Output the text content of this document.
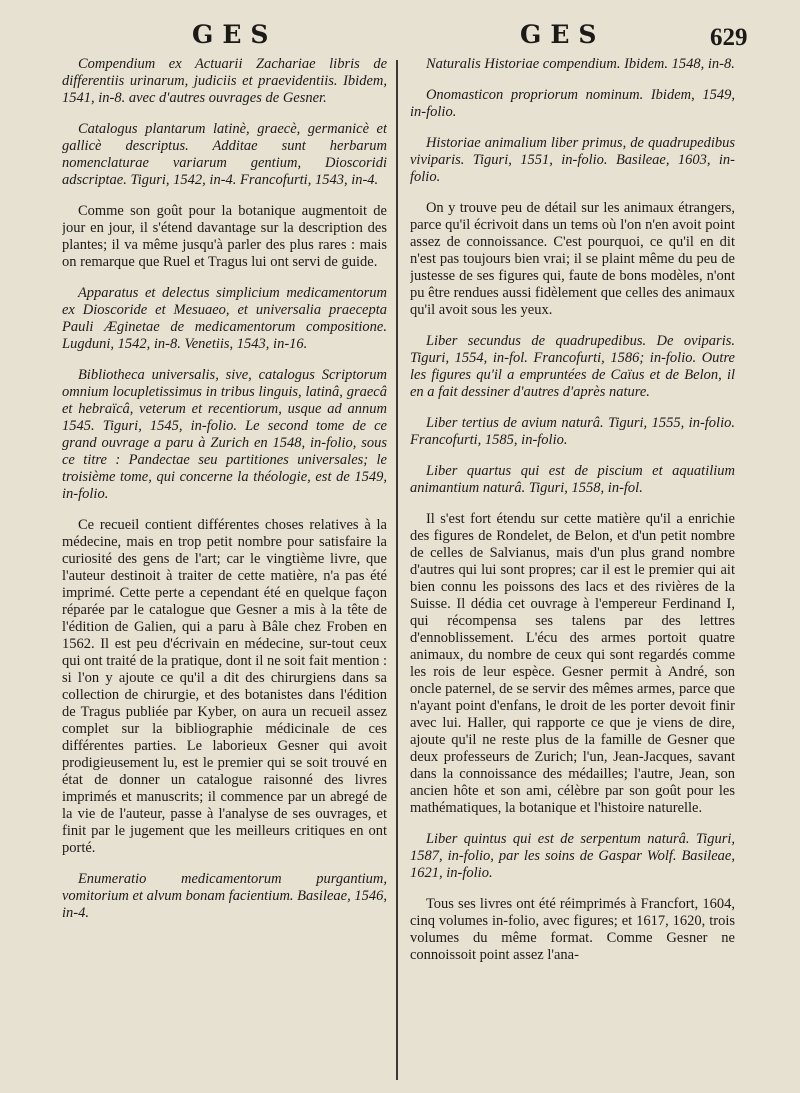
GES	GES	629

Compendium ex Actuarii Zachariae libris de differentiis urinarum, judiciis et praevidentiis. Ibidem, 1541, in-8. avec d'autres ouvrages de Gesner.

Catalogus plantarum latinè, graecè, germanicè et gallicè descriptus. Additae sunt herbarum nomenclaturae variarum gentium, Dioscoridi adscriptae. Tiguri, 1542, in-4. Francofurti, 1543, in-4.

Comme son goût pour la botanique augmentoit de jour en jour, il s'étend davantage sur la description des plantes; il va même jusqu'à parler des plus rares : mais on remarque que Ruel et Tragus lui ont servi de guide.

Apparatus et delectus simplicium medicamentorum ex Dioscoride et Mesuaeo, et universalia praecepta Pauli Æginetae de medicamentorum compositione. Lugduni, 1542, in-8. Venetiis, 1543, in-16.

Bibliotheca universalis, sive, catalogus Scriptorum omnium locupletissimus in tribus linguis, latinâ, graecâ et hebraïcâ, veterum et recentiorum, usque ad annum 1545. Tiguri, 1545, in-folio. Le second tome de ce grand ouvrage a paru à Zurich en 1548, in-folio, sous ce titre : Pandectae seu partitiones universales; le troisième tome, qui concerne la théologie, est de 1549, in-folio.

Ce recueil contient différentes choses relatives à la médecine, mais en trop petit nombre pour satisfaire la curiosité des gens de l'art; car le vingtième livre, que l'auteur destinoit à traiter de cette matière, n'a pas été imprimé. Cette perte a cependant été en quelque façon réparée par le catalogue que Gesner a mis à la tête de l'édition de Galien, qui a paru à Bâle chez Froben en 1562. Il est peu d'écrivain en médecine, sur-tout ceux qui ont traité de la pratique, dont il ne soit fait mention : si l'on y ajoute ce qu'il a dit des chirurgiens dans sa collection de chirurgie, et des botanistes dans l'édition de Tragus publiée par Kyber, on aura un recueil assez complet sur la bibliographie médicinale de ces différentes parties. Le laborieux Gesner qui avoit prodigieusement lu, est le premier qui se soit trouvé en état de donner un catalogue raisonné des livres imprimés et manuscrits; il commence par un abregé de la vie de l'auteur, passe à l'analyse de ses ouvrages, et finit par le jugement que les meilleurs critiques en ont porté.

Enumeratio medicamentorum purgantium, vomitorium et alvum bonam facientium. Basileae, 1546, in-4.

Naturalis Historiae compendium. Ibidem. 1548, in-8.

Onomasticon propriorum nominum. Ibidem, 1549, in-folio.

Historiae animalium liber primus, de quadrupedibus viviparis. Tiguri, 1551, in-folio. Basileae, 1603, in-folio.

On y trouve peu de détail sur les animaux étrangers, parce qu'il écrivoit dans un tems où l'on n'en avoit point assez de connoissance. C'est pourquoi, ce qu'il en dit n'est pas toujours bien vrai; il se plaint même du peu de justesse de ses figures qui, faute de bons modèles, n'ont pu être rendues aussi fidèlement que celles des animaux qu'il avoit sous les yeux.

Liber secundus de quadrupedibus. De oviparis. Tiguri, 1554, in-fol. Francofurti, 1586; in-folio. Outre les figures qu'il a empruntées de Caïus et de Belon, il en a fait dessiner d'autres d'après nature.

Liber tertius de avium naturâ. Tiguri, 1555, in-folio. Francofurti, 1585, in-folio.

Liber quartus qui est de piscium et aquatilium animantium naturâ. Tiguri, 1558, in-fol.

Il s'est fort étendu sur cette matière qu'il a enrichie des figures de Rondelet, de Belon, et d'un petit nombre de celles de Salvianus, mais d'un plus grand nombre d'autres qui lui sont propres; car il est le premier qui ait bien connu les poissons des lacs et des rivières de la Suisse. Il dédia cet ouvrage à l'empereur Ferdinand I, qui récompensa ses talens par des lettres d'ennoblissement. L'écu des armes portoit quatre animaux, du nombre de ceux qui sont regardés comme les rois de leur espèce. Gesner permit à André, son oncle paternel, de se servir des mêmes armes, parce que n'ayant point d'enfans, le droit de les porter devoit finir avec lui. Haller, qui rapporte ce que je viens de dire, ajoute qu'il ne reste plus de la famille de Gesner que deux professeurs de Zurich; l'un, Jean-Jacques, savant dans la connoissance des médailles; l'autre, Jean, son ancien hôte et son ami, célèbre par son goût pour les mathématiques, la botanique et l'histoire naturelle.

Liber quintus qui est de serpentum naturâ. Tiguri, 1587, in-folio, par les soins de Gaspar Wolf. Basileae, 1621, in-folio.

Tous ses livres ont été réimprimés à Francfort, 1604, cinq volumes in-folio, avec figures; et 1617, 1620, trois volumes du même format. Comme Gesner ne connoissoit point assez l'ana-
